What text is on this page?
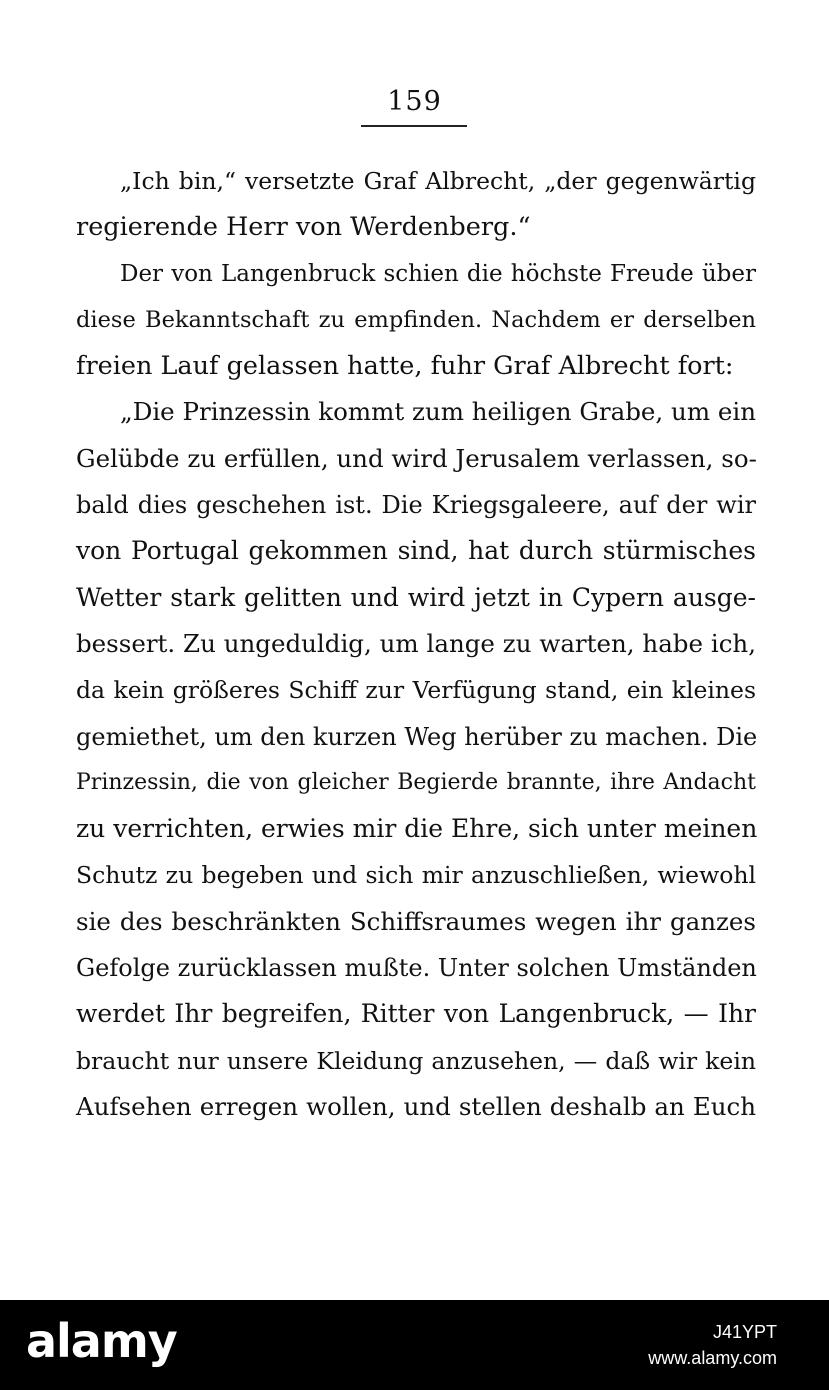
159
„Ich bin,“ versetzte Graf Albrecht, „der gegenwärtig
regierende Herr von Werdenberg.“
Der von Langenbruck schien die höchste Freude über
diese Bekanntschaft zu empfinden. Nachdem er derselben
freien Lauf gelassen hatte, fuhr Graf Albrecht fort:
„Die Prinzessin kommt zum heiligen Grabe, um ein
Gelübde zu erfüllen, und wird Jerusalem verlassen, so-
bald dies geschehen ist. Die Kriegsgaleere, auf der wir
von Portugal gekommen sind, hat durch stürmisches
Wetter stark gelitten und wird jetzt in Cypern ausge-
bessert. Zu ungeduldig, um lange zu warten, habe ich,
da kein größeres Schiff zur Verfügung stand, ein kleines
gemiethet, um den kurzen Weg herüber zu machen. Die
Prinzessin, die von gleicher Begierde brannte, ihre Andacht
zu verrichten, erwies mir die Ehre, sich unter meinen
Schutz zu begeben und sich mir anzuschließen, wiewohl
sie des beschränkten Schiffsraumes wegen ihr ganzes
Gefolge zurücklassen mußte. Unter solchen Umständen
werdet Ihr begreifen, Ritter von Langenbruck, — Ihr
braucht nur unsere Kleidung anzusehen, — daß wir kein
Aufsehen erregen wollen, und stellen deshalb an Euch
alamy	J41YPT
www.alamy.com
